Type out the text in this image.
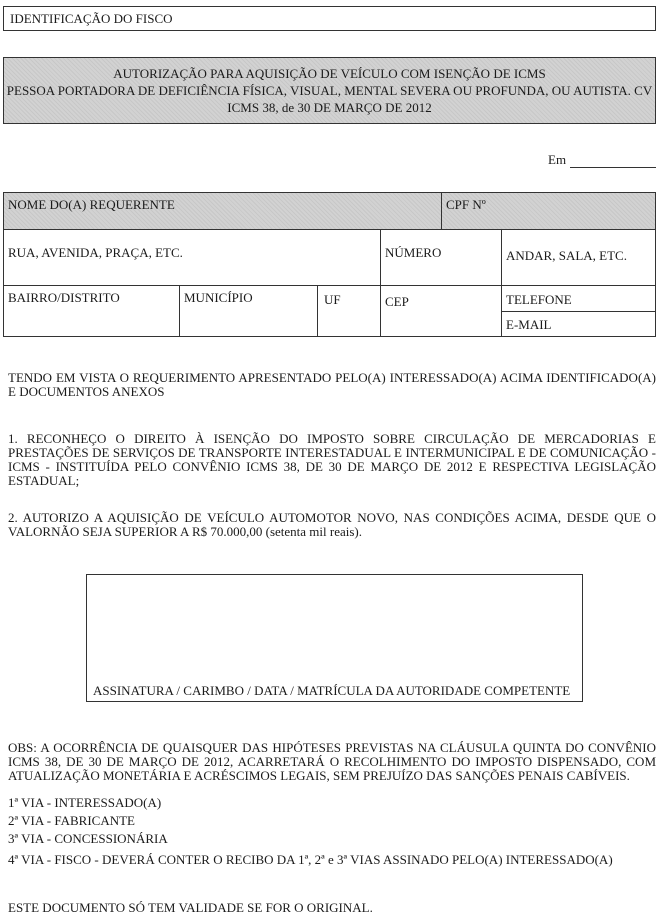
IDENTIFICAÇÃO DO FISCO
AUTORIZAÇÃO PARA AQUISIÇÃO DE VEÍCULO COM ISENÇÃO DE ICMS
PESSOA PORTADORA DE DEFICIÊNCIA FÍSICA, VISUAL, MENTAL SEVERA OU PROFUNDA, OU AUTISTA. CV
ICMS 38, de 30 DE MARÇO DE 2012
Em
NOME DO(A) REQUERENTE	CPF Nº
RUA, AVENIDA, PRAÇA, ETC.	NÚMERO	ANDAR, SALA, ETC.
BAIRRO/DISTRITO	MUNICÍPIO	UF	CEP	TELEFONE
E-MAIL
TENDO EM VISTA O REQUERIMENTO APRESENTADO PELO(A) INTERESSADO(A) ACIMA IDENTIFICADO(A) E DOCUMENTOS ANEXOS
1. RECONHEÇO O DIREITO À ISENÇÃO DO IMPOSTO SOBRE CIRCULAÇÃO DE MERCADORIAS E PRESTAÇÕES DE SERVIÇOS DE TRANSPORTE INTERESTADUAL E INTERMUNICIPAL E DE COMUNICAÇÃO - ICMS - INSTITUÍDA PELO CONVÊNIO ICMS 38, DE 30 DE MARÇO DE 2012 E RESPECTIVA LEGISLAÇÃO ESTADUAL;
2. AUTORIZO A AQUISIÇÃO DE VEÍCULO AUTOMOTOR NOVO, NAS CONDIÇÕES ACIMA, DESDE QUE O VALORNÃO SEJA SUPERIOR A R$ 70.000,00 (setenta mil reais).
ASSINATURA / CARIMBO / DATA / MATRÍCULA DA AUTORIDADE COMPETENTE
OBS: A OCORRÊNCIA DE QUAISQUER DAS HIPÓTESES PREVISTAS NA CLÁUSULA QUINTA DO CONVÊNIO ICMS 38, DE 30 DE MARÇO DE 2012, ACARRETARÁ O RECOLHIMENTO DO IMPOSTO DISPENSADO, COM ATUALIZAÇÃO MONETÁRIA E ACRÉSCIMOS LEGAIS, SEM PREJUÍZO DAS SANÇÕES PENAIS CABÍVEIS.
1ª VIA - INTERESSADO(A)
2ª VIA - FABRICANTE
3ª VIA - CONCESSIONÁRIA
4ª VIA - FISCO - DEVERÁ CONTER O RECIBO DA 1ª, 2ª e 3ª VIAS ASSINADO PELO(A) INTERESSADO(A)
ESTE DOCUMENTO SÓ TEM VALIDADE SE FOR O ORIGINAL.
